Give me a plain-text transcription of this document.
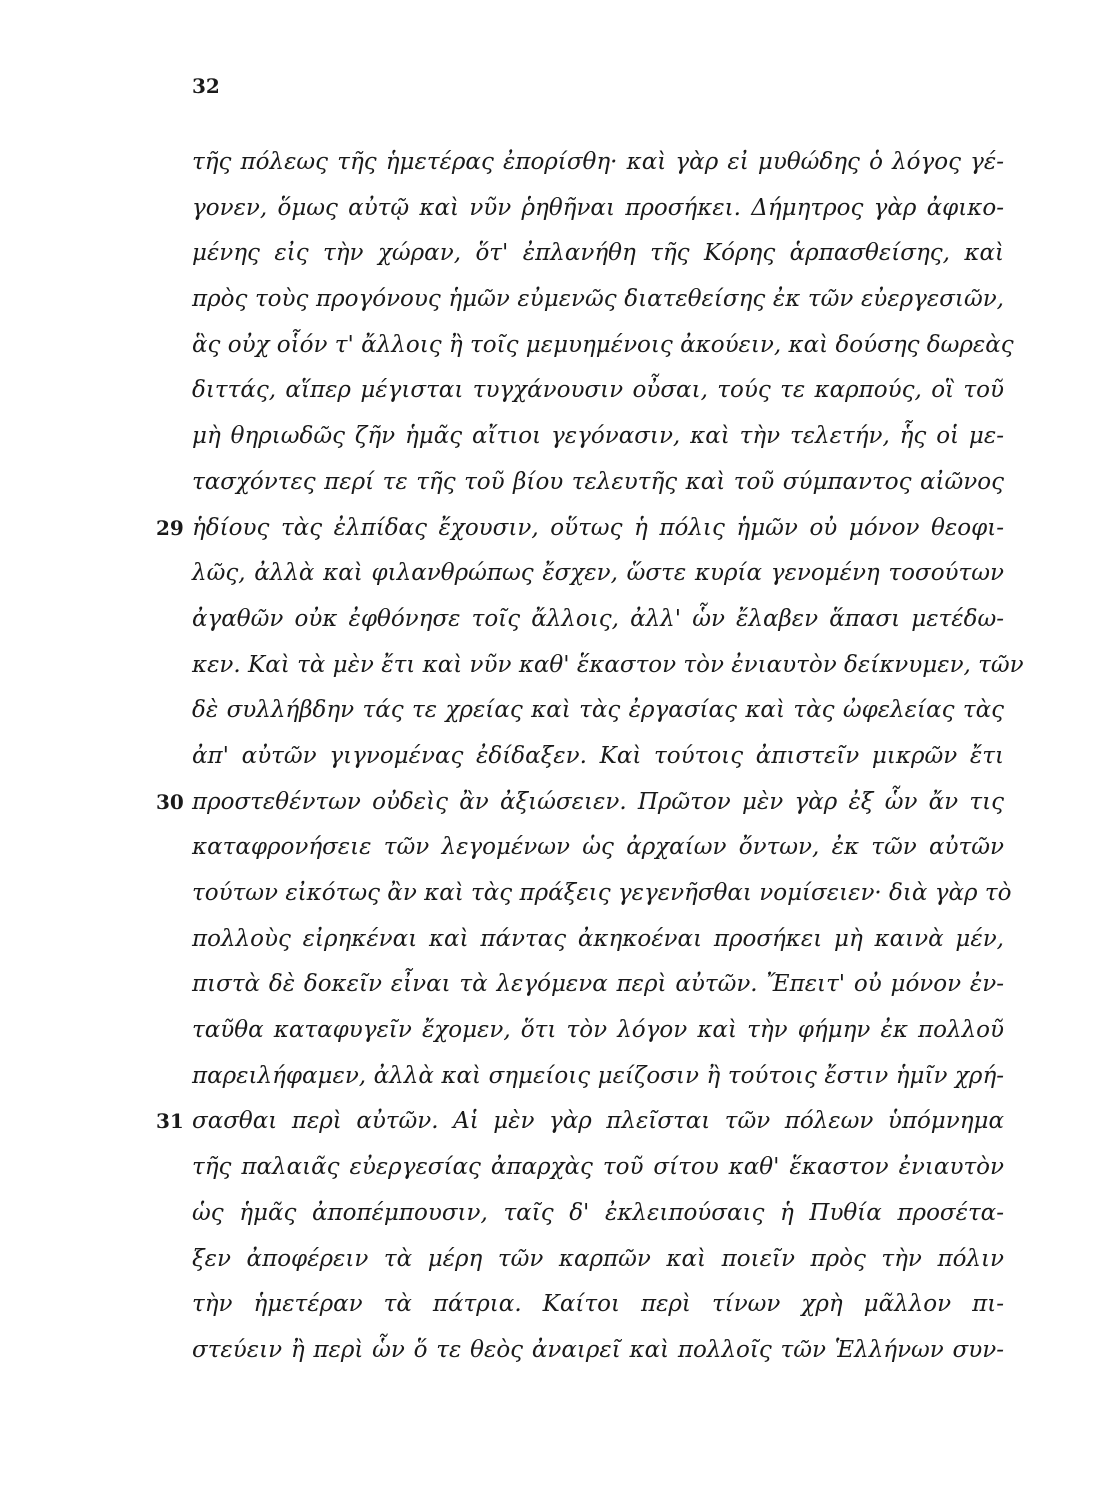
32
τῆς πόλεως τῆς ἡμετέρας ἐπορίσθη· καὶ γὰρ εἰ μυθώδης ὁ λόγος γέ-
γονεν, ὅμως αὐτῷ καὶ νῦν ῥηθῆναι προσήκει. Δήμητρος γὰρ ἀφικο-
μένης εἰς τὴν χώραν, ὅτ' ἐπλανήθη τῆς Κόρης ἁρπασθείσης, καὶ
πρὸς τοὺς προγόνους ἡμῶν εὐμενῶς διατεθείσης ἐκ τῶν εὐεργεσιῶν,
ἃς οὐχ οἷόν τ' ἄλλοις ἢ τοῖς μεμυημένοις ἀκούειν, καὶ δούσης δωρεὰς
διττάς, αἵπερ μέγισται τυγχάνουσιν οὖσαι, τούς τε καρπούς, οἳ τοῦ
μὴ θηριωδῶς ζῆν ἡμᾶς αἴτιοι γεγόνασιν, καὶ τὴν τελετήν, ἧς οἱ με-
τασχόντες περί τε τῆς τοῦ βίου τελευτῆς καὶ τοῦ σύμπαντος αἰῶνος
29 ἡδίους τὰς ἐλπίδας ἔχουσιν, οὕτως ἡ πόλις ἡμῶν οὐ μόνον θεοφι-
λῶς, ἀλλὰ καὶ φιλανθρώπως ἔσχεν, ὥστε κυρία γενομένη τοσούτων
ἀγαθῶν οὐκ ἐφθόνησε τοῖς ἄλλοις, ἀλλ' ὧν ἔλαβεν ἅπασι μετέδω-
κεν. Καὶ τὰ μὲν ἔτι καὶ νῦν καθ' ἕκαστον τὸν ἐνιαυτὸν δείκνυμεν, τῶν
δὲ συλλήβδην τάς τε χρείας καὶ τὰς ἐργασίας καὶ τὰς ὠφελείας τὰς
ἀπ' αὐτῶν γιγνομένας ἐδίδαξεν. Καὶ τούτοις ἀπιστεῖν μικρῶν ἔτι
30 προστεθέντων οὐδεὶς ἂν ἀξιώσειεν. Πρῶτον μὲν γὰρ ἐξ ὧν ἄν τις
καταφρονήσειε τῶν λεγομένων ὡς ἀρχαίων ὄντων, ἐκ τῶν αὐτῶν
τούτων εἰκότως ἂν καὶ τὰς πράξεις γεγενῆσθαι νομίσειεν· διὰ γὰρ τὸ
πολλοὺς εἰρηκέναι καὶ πάντας ἀκηκοέναι προσήκει μὴ καινὰ μέν,
πιστὰ δὲ δοκεῖν εἶναι τὰ λεγόμενα περὶ αὐτῶν. Ἔπειτ' οὐ μόνον ἐν-
ταῦθα καταφυγεῖν ἔχομεν, ὅτι τὸν λόγον καὶ τὴν φήμην ἐκ πολλοῦ
παρειλήφαμεν, ἀλλὰ καὶ σημείοις μείζοσιν ἢ τούτοις ἔστιν ἡμῖν χρή-
31 σασθαι περὶ αὐτῶν. Αἱ μὲν γὰρ πλεῖσται τῶν πόλεων ὑπόμνημα
τῆς παλαιᾶς εὐεργεσίας ἀπαρχὰς τοῦ σίτου καθ' ἕκαστον ἐνιαυτὸν
ὡς ἡμᾶς ἀποπέμπουσιν, ταῖς δ' ἐκλειπούσαις ἡ Πυθία προσέτα-
ξεν ἀποφέρειν τὰ μέρη τῶν καρπῶν καὶ ποιεῖν πρὸς τὴν πόλιν
τὴν ἡμετέραν τὰ πάτρια. Καίτοι περὶ τίνων χρὴ μᾶλλον πι-
στεύειν ἢ περὶ ὧν ὅ τε θεὸς ἀναιρεῖ καὶ πολλοῖς τῶν Ἑλλήνων συν-
